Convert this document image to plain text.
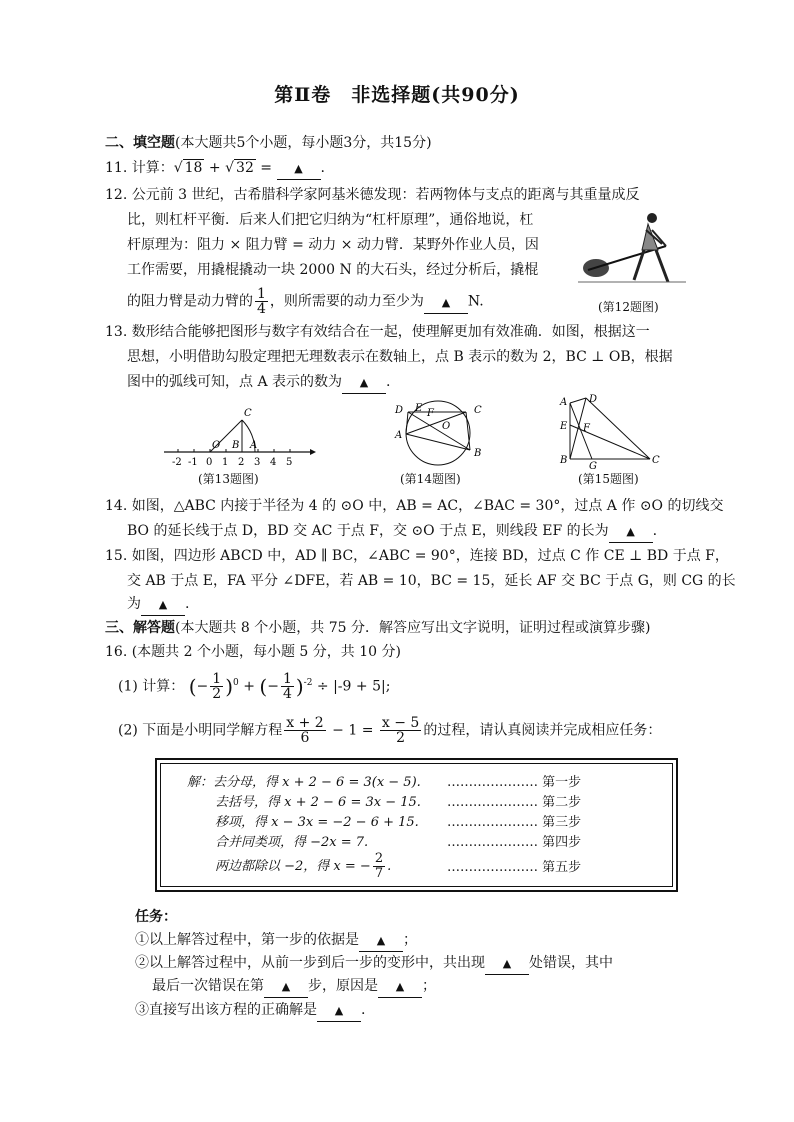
第Ⅱ卷　非选择题(共90分)
二、填空题(本大题共5个小题，每小题3分，共15分)
11. 计算：√ 18 + √ 32 = ▲ .
12. 公元前 3 世纪，古希腊科学家阿基米德发现：若两物体与支点的距离与其重量成反
比，则杠杆平衡．后来人们把它归纳为“杠杆原理”，通俗地说，杠
杆原理为：阻力 × 阻力臂 = 动力 × 动力臂．某野外作业人员，因
工作需要，用撬棍撬动一块 2000 N 的大石头，经过分析后，撬棍
的阻力臂是动力臂的 $\frac{1}{4}$ ，则所需要的动力至少为 ▲ N.	(第12题图)
13. 数形结合能够把图形与数字有效结合在一起，使理解更加有效准确．如图，根据这一
思想，小明借助勾股定理把无理数表示在数轴上，点 B 表示的数为 2，BC ⊥ OB，根据
图中的弧线可知，点 A 表示的数为 ▲ .
-2 -1 0 1 2 3 4 5
O B A
C
(第13题图)
D E F
A
O
C
B
(第14题图)
A D
E F
B
G
C
(第15题图)
14. 如图，△ABC 内接于半径为 4 的 ⊙O 中，AB = AC，∠BAC = 30°，过点 A 作 ⊙O 的切线交
BO 的延长线于点 D，BD 交 AC 于点 F，交 ⊙O 于点 E，则线段 EF 的长为 ▲ .
15. 如图，四边形 ABCD 中，AD ∥ BC，∠ABC = 90°，连接 BD，过点 C 作 CE ⊥ BD 于点 F，
交 AB 于点 E，FA 平分 ∠DFE，若 AB = 10，BC = 15，延长 AF 交 BC 于点 G，则 CG 的长
为 ▲ .
三、解答题(本大题共 8 个小题，共 75 分．解答应写出文字说明，证明过程或演算步骤)
16. (本题共 2 个小题，每小题 5 分，共 10 分)
(1) 计算： (− $\frac{1}{2} )^0$ + (− $\frac{1}{4} )^{-2} \div |-9 + 5|$;
(2) 下面是小明同学解方程 $\frac{x + 2}{6} - 1 = \frac{x - 5}{2}$ 的过程，请认真阅读并完成相应任务：
解：去分母，得 x + 2 − 6 = 3(x − 5). ………………… 第一步
去括号，得 x + 2 − 6 = 3x − 15. ………………… 第二步
移项，得 x − 3x = −2 − 6 + 15. ………………… 第三步
合并同类项，得 −2x = 7.	………………… 第四步
两边都除以 −2，得 x = − $\frac{2}{7}$ .	………………… 第五步
任务：
①以上解答过程中，第一步的依据是 ▲ ；
②以上解答过程中，从前一步到后一步的变形中，共出现 ▲ 处错误，其中
最后一次错误在第 ▲ 步，原因是 ▲ ；
③直接写出该方程的正确解是 ▲ .
